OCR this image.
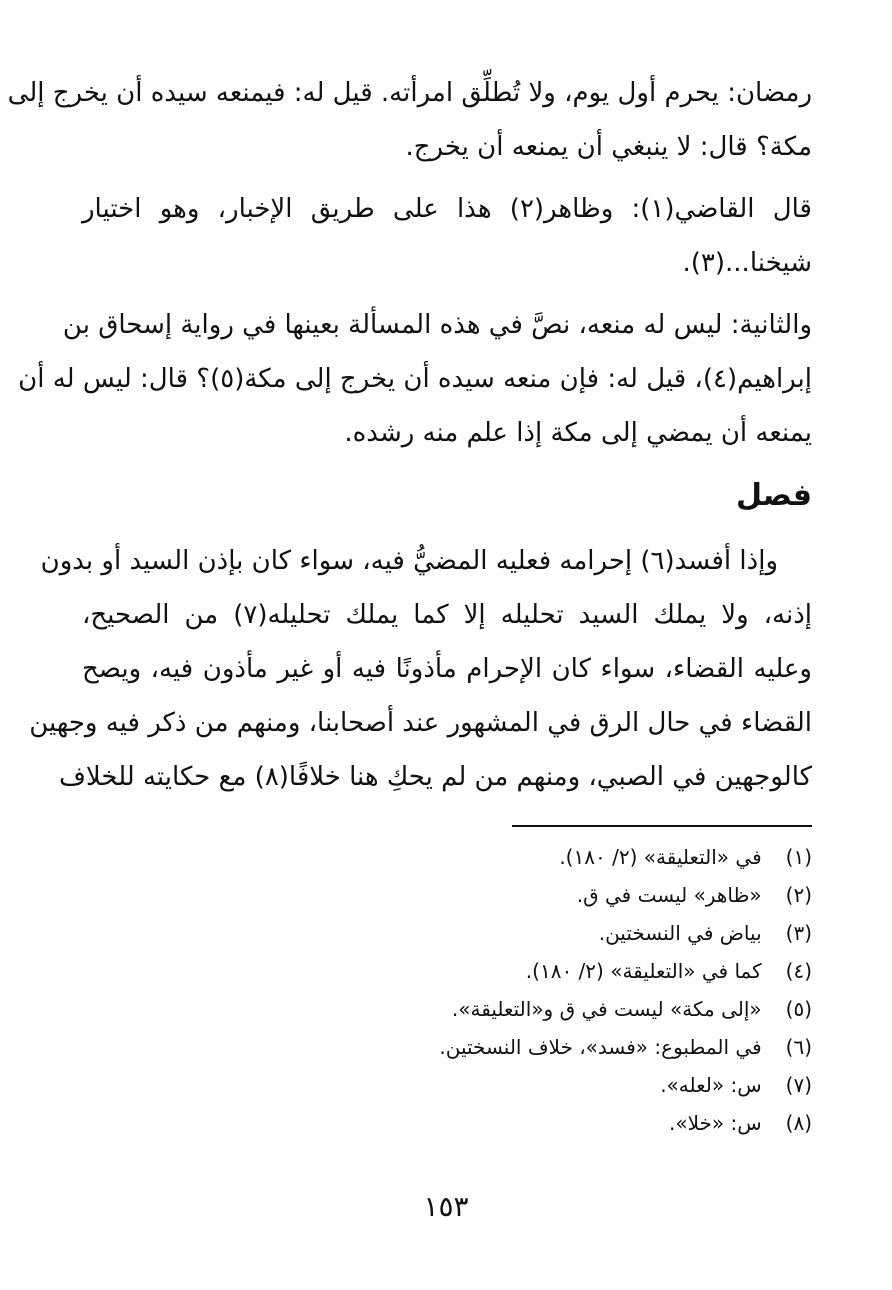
رمضان: يحرم أول يوم، ولا تُطلِّق امرأته. قيل له: فيمنعه سيده أن يخرج إلى
مكة؟ قال: لا ينبغي أن يمنعه أن يخرج.
قال القاضي(١): وظاهر(٢) هذا على طريق الإخبار، وهو اختيار
شيخنا...(٣).
والثانية: ليس له منعه، نصَّ في هذه المسألة بعينها في رواية إسحاق بن
إبراهيم(٤)، قيل له: فإن منعه سيده أن يخرج إلى مكة(٥)؟ قال: ليس له أن
يمنعه أن يمضي إلى مكة إذا علم منه رشده.
فصل
وإذا أفسد(٦) إحرامه فعليه المضيُّ فيه، سواء كان بإذن السيد أو بدون
إذنه، ولا يملك السيد تحليله إلا كما يملك تحليله(٧) من الصحيح،
وعليه القضاء، سواء كان الإحرام مأذونًا فيه أو غير مأذون فيه، ويصح
القضاء في حال الرق في المشهور عند أصحابنا، ومنهم من ذكر فيه وجهين
كالوجهين في الصبي، ومنهم من لم يحكِ هنا خلافًا(٨) مع حكايته للخلاف
(١) في «التعليقة» (٢/ ١٨٠).
(٢) «ظاهر» ليست في ق.
(٣) بياض في النسختين.
(٤) كما في «التعليقة» (٢/ ١٨٠).
(٥) «إلى مكة» ليست في ق و«التعليقة».
(٦) في المطبوع: «فسد»، خلاف النسختين.
(٧) س: «لعله».
(٨) س: «خلا».
١٥٣
